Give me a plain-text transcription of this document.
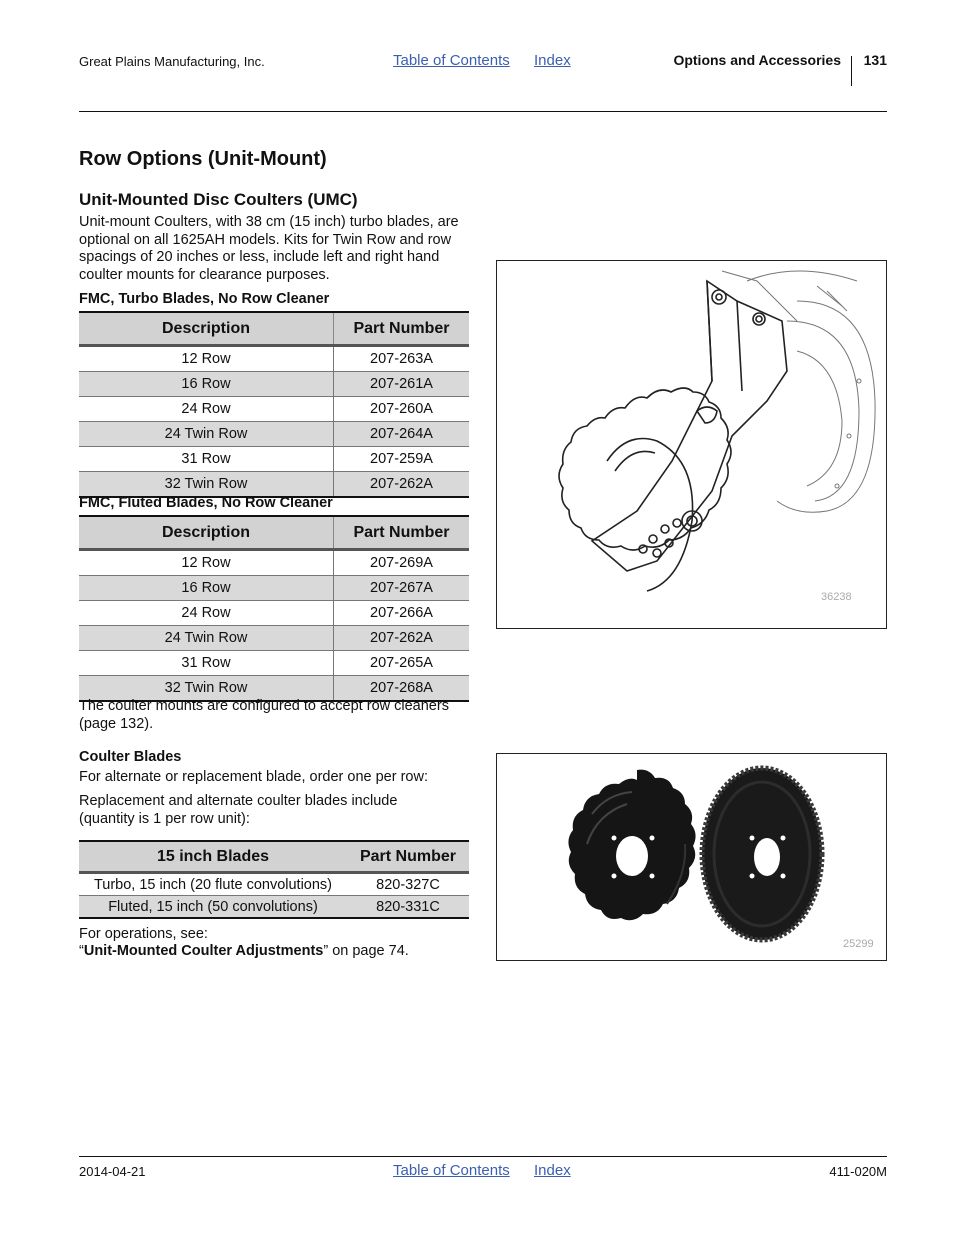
Great Plains Manufacturing, Inc.	Table of Contents Index	Options and Accessories 131
Row Options (Unit-Mount)
Unit-Mounted Disc Coulters (UMC)
Unit-mount Coulters, with 38 cm (15 inch) turbo blades, are optional on all 1625AH models. Kits for Twin Row and row spacings of 20 inches or less, include left and right hand coulter mounts for clearance purposes.
FMC, Turbo Blades, No Row Cleaner
Description	Part Number
12 Row	207-263A
16 Row	207-261A
24 Row	207-260A
24 Twin Row	207-264A
31 Row	207-259A
32 Twin Row	207-262A
FMC, Fluted Blades, No Row Cleaner
Description	Part Number
12 Row	207-269A
16 Row	207-267A
24 Row	207-266A
24 Twin Row	207-262A
31 Row	207-265A
32 Twin Row	207-268A
The coulter mounts are configured to accept row cleaners (page 132).
Coulter Blades
For alternate or replacement blade, order one per row:
Replacement and alternate coulter blades include (quantity is 1 per row unit):
15 inch Blades	Part Number
Turbo, 15 inch (20 flute convolutions)	820-327C
Fluted, 15 inch (50 convolutions)	820-331C
For operations, see:
“Unit-Mounted Coulter Adjustments” on page 74.
36238
25299
2014-04-21	Table of Contents Index	411-020M
